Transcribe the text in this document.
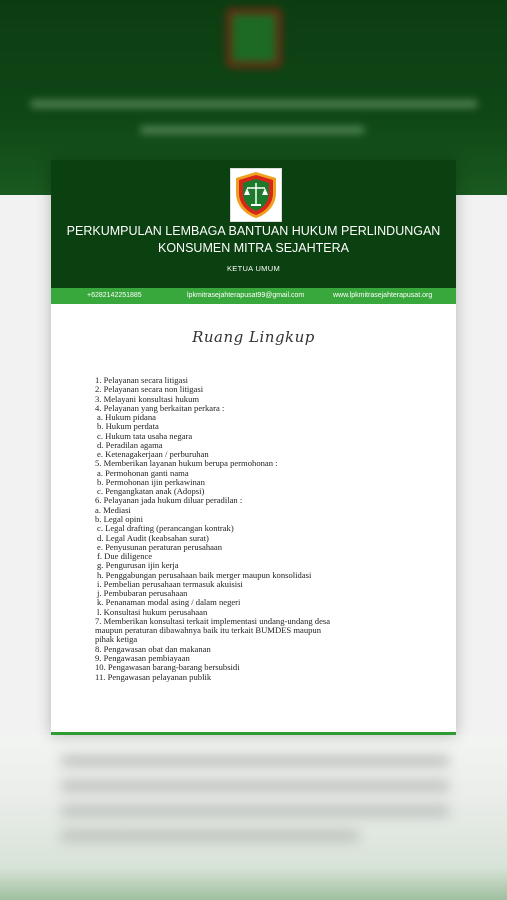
PERKUMPULAN LEMBAGA BANTUAN HUKUM PERLINDUNGAN
KONSUMEN MITRA SEJAHTERA
KETUA UMUM
+6282142251885	lpkmitrasejahterapusat99@gmail.com	www.lpkmitrasejahterapusat.org
Ruang Lingkup
1. Pelayanan secara litigasi
2. Pelayanan secara non litigasi
3. Melayani konsultasi hukum
4. Pelayanan yang berkaitan perkara :
a. Hukum pidana
b. Hukum perdata
c. Hukum tata usaha negara
d. Peradilan agama
e. Ketenagakerjaan / perburuhan
5. Memberikan layanan hukum berupa permohonan :
a. Permohonan ganti nama
b. Permohonan ijin perkawinan
c. Pengangkatan anak (Adopsi)
6. Pelayanan jada hukum diluar peradilan :
a. Mediasi
b. Legal opini
c. Legal drafting (perancangan kontrak)
d. Legal Audit (keabsahan surat)
e. Penyusunan peraturan perusahaan
f. Due diligence
g. Pengurusan ijin kerja
h. Penggabungan perusahaan baik merger maupun konsolidasi
i. Pembelian perusahaan termasuk akuisisi
j. Pembubaran perusahaan
k. Penanaman modal asing / dalam negeri
l. Konsultasi hukum perusahaan
7. Memberikan konsultasi terkait implementasi undang-undang desa
maupun peraturan dibawahnya baik itu terkait BUMDES maupun
pihak ketiga
8. Pengawasan obat dan makanan
9. Pengawasan pembiayaan
10. Pengawasan barang-barang bersubsidi
11. Pengawasan pelayanan publik
